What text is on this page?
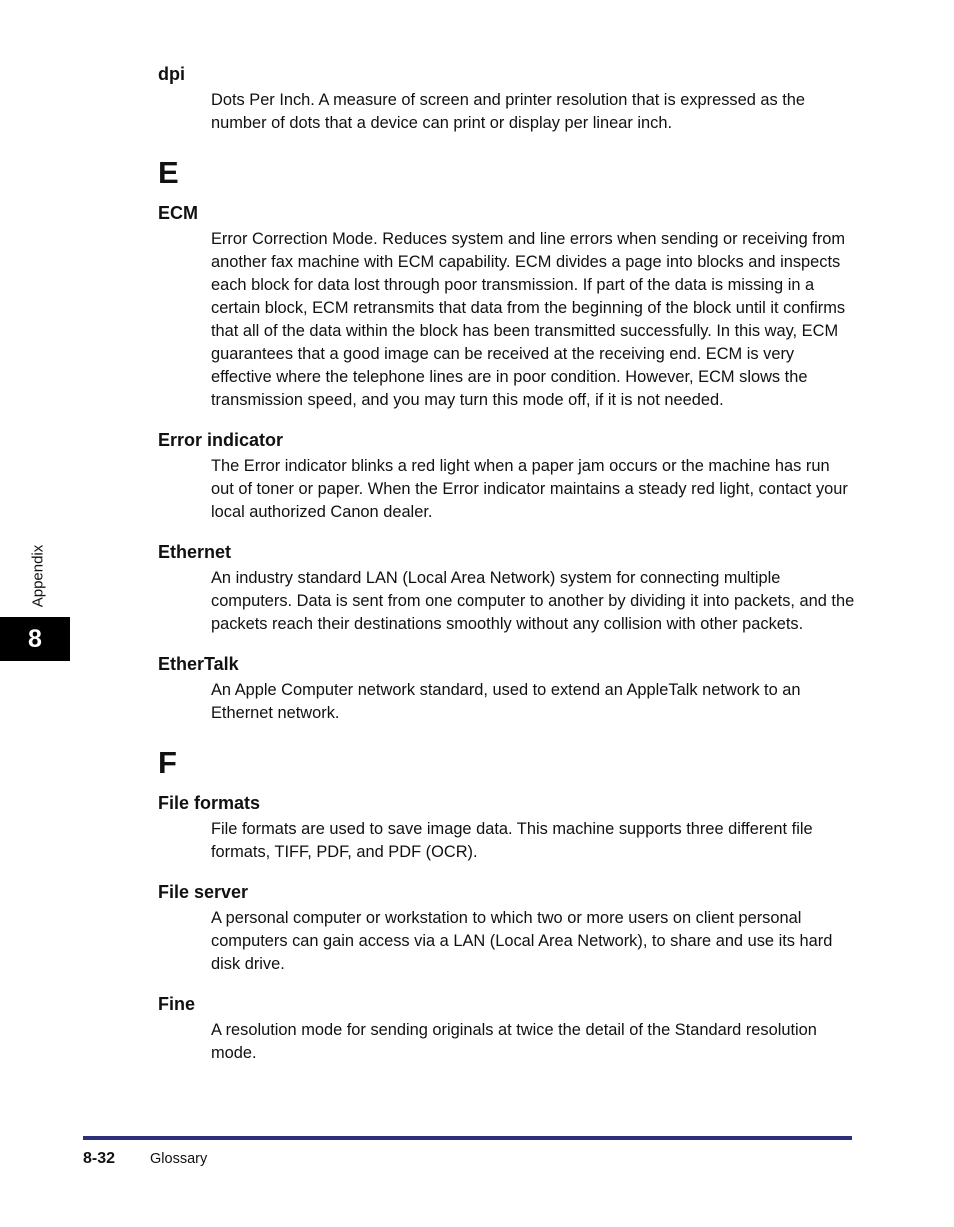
dpi

Dots Per Inch. A measure of screen and printer resolution that is expressed as the number of dots that a device can print or display per linear inch.

E

ECM

Error Correction Mode. Reduces system and line errors when sending or receiving from another fax machine with ECM capability. ECM divides a page into blocks and inspects each block for data lost through poor transmission. If part of the data is missing in a certain block, ECM retransmits that data from the beginning of the block until it confirms that all of the data within the block has been transmitted successfully. In this way, ECM guarantees that a good image can be received at the receiving end. ECM is very effective where the telephone lines are in poor condition. However, ECM slows the transmission speed, and you may turn this mode off, if it is not needed.

Error indicator

The Error indicator blinks a red light when a paper jam occurs or the machine has run out of toner or paper. When the Error indicator maintains a steady red light, contact your local authorized Canon dealer.

Ethernet

An industry standard LAN (Local Area Network) system for connecting multiple computers. Data is sent from one computer to another by dividing it into packets, and the packets reach their destinations smoothly without any collision with other packets.

EtherTalk

An Apple Computer network standard, used to extend an AppleTalk network to an Ethernet network.

F

File formats

File formats are used to save image data. This machine supports three different file formats, TIFF, PDF, and PDF (OCR).

File server

A personal computer or workstation to which two or more users on client personal computers can gain access via a LAN (Local Area Network), to share and use its hard disk drive.

Fine

A resolution mode for sending originals at twice the detail of the Standard resolution mode.

Appendix
8
8-32 Glossary
